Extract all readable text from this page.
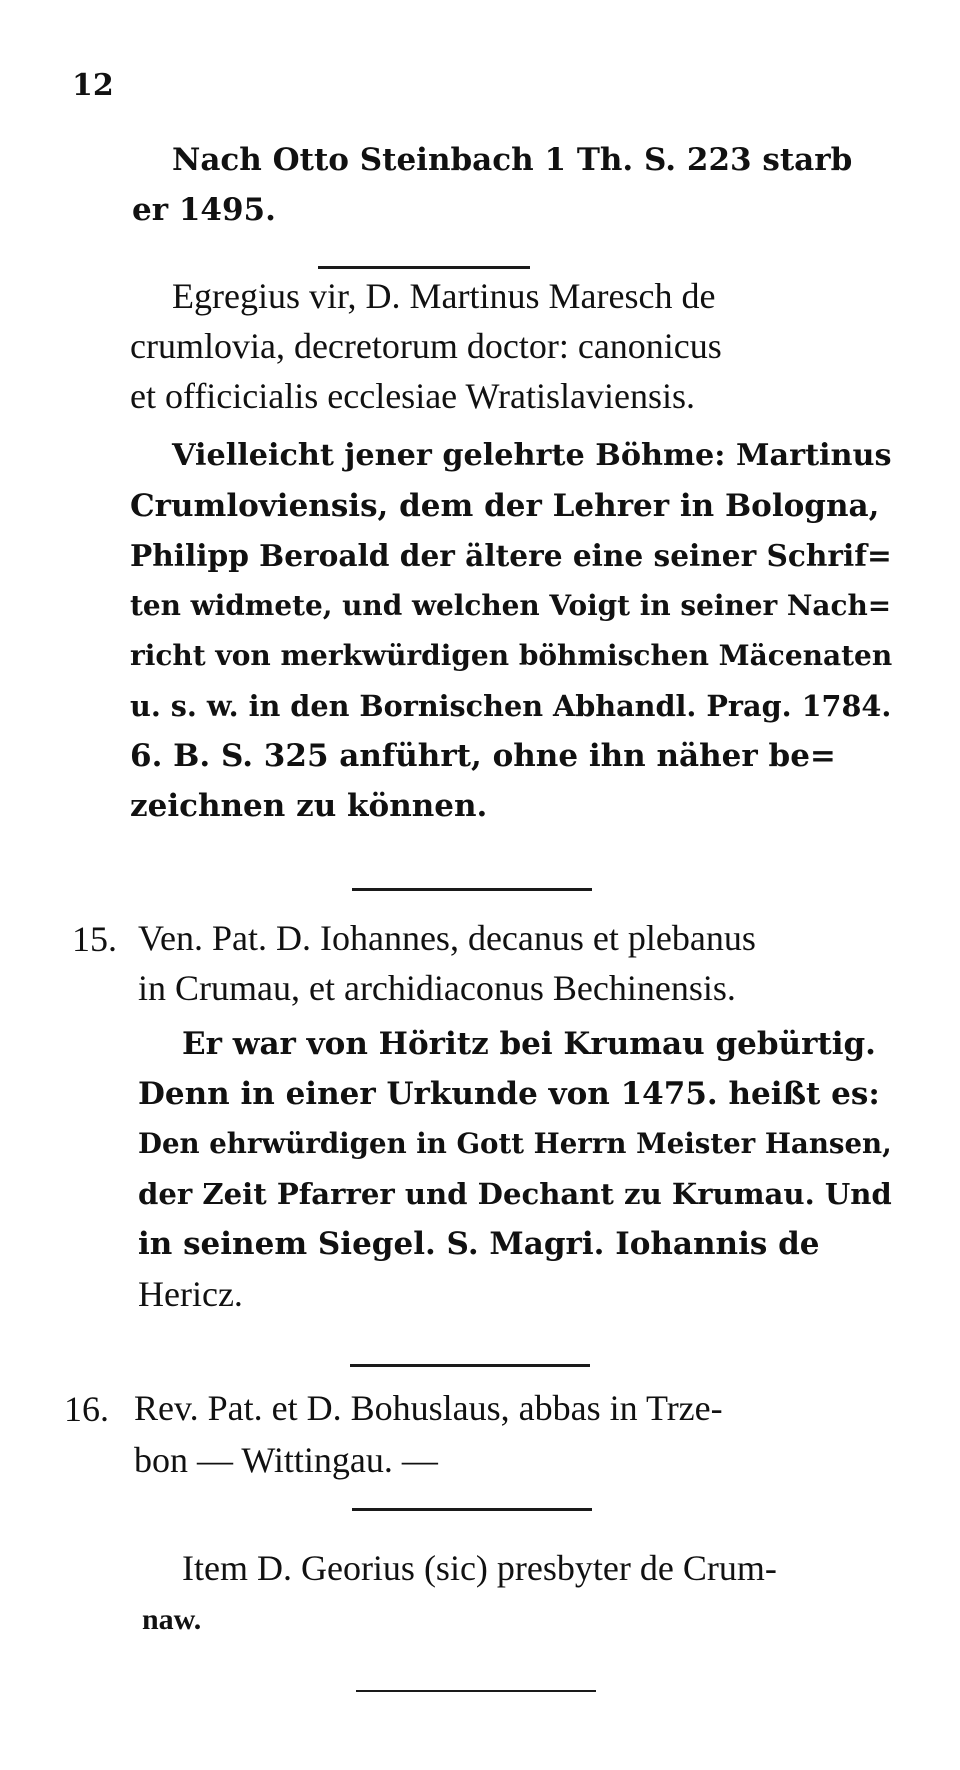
12
Nach Otto Steinbach 1 Th. S. 223 starb
er 1495.
Egregius vir, D. Martinus Maresch de
crumlovia, decretorum doctor: canonicus
et officicialis ecclesiae Wratislaviensis.
Vielleicht jener gelehrte Böhme: Martinus
Crumloviensis, dem der Lehrer in Bologna,
Philipp Beroald der ältere eine seiner Schrif=
ten widmete, und welchen Voigt in seiner Nach=
richt von merkwürdigen böhmischen Mäcenaten
u. s. w. in den Bornischen Abhandl. Prag. 1784.
6. B. S. 325 anführt, ohne ihn näher be=
zeichnen zu können.
15. Ven. Pat. D. Iohannes, decanus et plebanus
in Crumau, et archidiaconus Bechinensis.
Er war von Höritz bei Krumau gebürtig.
Denn in einer Urkunde von 1475. heißt es:
Den ehrwürdigen in Gott Herrn Meister Hansen,
der Zeit Pfarrer und Dechant zu Krumau. Und
in seinem Siegel. S. Magri. Iohannis de
Hericz.
16. Rev. Pat. et D. Bohuslaus, abbas in Trze-
bon — Wittingau. —
Item D. Georius (sic) presbyter de Crum-
naw.
